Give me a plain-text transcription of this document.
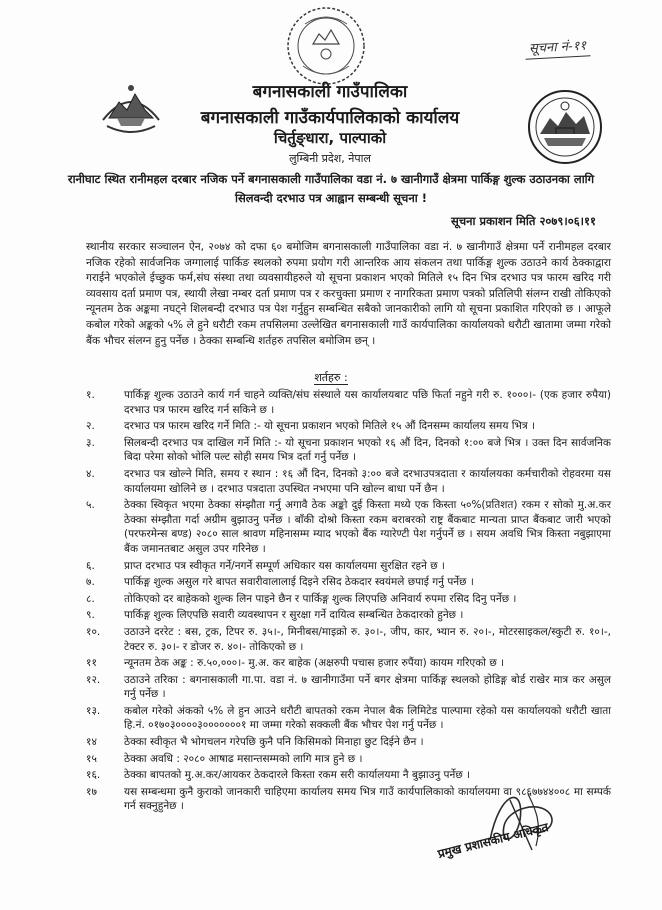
सूचना नं-११
बगनासकाली गाउँपालिका
बगनासकाली गाउँकार्यपालिकाको कार्यालय
चिर्तुङ्धारा, पाल्पाको
लुम्बिनी प्रदेश, नेपाल
रानीघाट स्थित रानीमहल दरबार नजिक पर्ने बगनासकाली गाउँपालिका वडा नं. ७ खानीगाउँ क्षेत्रमा पार्किङ्ग शुल्क उठाउनका लागि सिलवन्दी दरभाउ पत्र आह्वान सम्बन्धी सूचना !
सूचना प्रकाशन मिति २०७९।०६।११
स्थानीय सरकार सञ्चालन ऐन, २०७४ को दफा ६० बमोजिम बगनासकाली गाउँपालिका वडा नं. ७ खानीगाउँ क्षेत्रमा पर्ने रानीमहल दरबार नजिक रहेको सार्वजनिक जग्गालाई पार्किङ स्थलको रुपमा प्रयोग गरी आन्तरिक आय संकलन तथा पार्किङ्ग शुल्क उठाउने कार्य ठेक्काद्वारा गराईने भएकोले ईच्छुक फर्म,संघ संस्था तथा व्यवसायीहरुले यो सूचना प्रकाशन भएको मितिले १५ दिन भित्र दरभाउ पत्र फारम खरिद गरी व्यवसाय दर्ता प्रमाण पत्र, स्थायी लेखा नम्बर दर्ता प्रमाण पत्र र करचुक्ता प्रमाण र नागरिकता प्रमाण पत्रको प्रतिलिपी संलग्न राखी तोकिएको न्यूनतम ठेक अङ्कमा नघट्ने शिलबन्दी दरभाउ पत्र पेश गर्नुहुन सम्बन्धित सबैको जानकारीको लागि यो सूचना प्रकाशित गरिएको छ । आफूले कबोल गरेको अङ्कको ५% ले हुने धरौटी रकम तपसिलमा उल्लेखित बगनासकाली गाउँ कार्यपालिका कार्यालयको धरौटी खातामा जम्मा गरेको बैंक भौचर संलग्न हुनु पर्नेछ । ठेक्का सम्बन्धि शर्तहरु तपसिल बमोजिम छन् ।
शर्तहरु :
१.	पार्किङ्ग शुल्क उठाउने कार्य गर्न चाहने व्यक्ति/संघ संस्थाले यस कार्यालयबाट पछि फिर्ता नहुने गरी रु. १०००।- (एक हजार रुपैया) दरभाउ पत्र फारम खरिद गर्न सकिने छ ।
२.	दरभाउ पत्र फारम खरिद गर्ने मिति :- यो सूचना प्रकाशन भएको मितिले १५ औं दिनसम्म कार्यालय समय भित्र ।
३.	सिलबन्दी दरभाउ पत्र दाखिल गर्ने मिति :- यो सूचना प्रकाशन भएको १६ औं दिन, दिनको १:०० बजे भित्र । उक्त दिन सार्वजनिक बिदा परेमा सोको भोलि पल्ट सोही समय भित्र दर्ता गर्नु पर्नेछ ।
४.	दरभाउ पत्र खोल्ने मिति, समय र स्थान : १६ औं दिन, दिनको ३:०० बजे दरभाउपत्रदाता र कार्यालयका कर्मचारीको रोहवरमा यस कार्यालयमा खोलिने छ । दरभाउ पत्रदाता उपस्थित नभएमा पनि खोल्न बाधा पर्ने छैन ।
५.	ठेक्का स्विकृत भएमा ठेक्का संम्झौता गर्नु अगावै ठेक अङ्को दुई किस्ता मध्ये एक किस्ता ५०%(प्रतिशत) रकम र सोको मु.अ.कर ठेक्का संम्झौता गर्दा अग्रीम बुझाउनु पर्नेछ । बाँकी दोश्रो किस्ता रकम बराबरको राष्ट्र बैंकबाट मान्यता प्राप्त बैंकबाट जारी भएको (परफरमेन्स बण्ड) २०८० साल श्रावण महिनासम्म म्याद भएको बैंक ग्यारेण्टी पेश गर्नुपर्ने छ । सयम अवधि भित्र किस्ता नबुझाएमा बैंक जमानतबाट असुल उपर गरिनेछ ।
६.	प्राप्त दरभाउ पत्र स्वीकृत गर्ने/नगर्ने सम्पूर्ण अधिकार यस कार्यालयमा सुरक्षित रहने छ ।
७.	पार्किङ्ग शुल्क असुल गरे बापत सवारीवालालाई दिइने रसिद ठेकदार स्वयंमले छपाई गर्नु पर्नेछ ।
८.	तोकिएको दर बाहेकको शुल्क लिन पाइने छैन र पार्किङ्ग शुल्क लिएपछि अनिवार्य रुपमा रसिद दिनु पर्नेछ ।
९.	पार्किङ्ग शुल्क लिएपछि सवारी व्यवस्थापन र सुरक्षा गर्ने दायित्व सम्बन्धित ठेकदारको हुनेछ ।
१०.	उठाउने दररेट : बस, ट्रक, टिपर रु. ३५।-, मिनीबस/माइक्रो रु. ३०।-, जीप, कार, भ्यान रु. २०।-, मोटरसाइकल/स्कुटी रु. १०।-, टेक्टर रु. ३०।- र डोजर रु. ४०।- तोकिएको छ ।
११	न्यूनतम ठेक अङ्क : रु.५०,०००।- मु.अ. कर बाहेक (अक्षरुपी पचास हजार रुपैंया) कायम गरिएको छ ।
१२.	उठाउने तरिका : बगनासकाली गा.पा. वडा नं. ७ खानीगाउँमा पर्ने बगर क्षेत्रमा पार्किङ्ग स्थलको होडिङ्ग बोर्ड राखेर मात्र कर असुल गर्नु पर्नेछ ।
१३.	कबोल गरेको अंकको ५% ले हुन आउने धरौटी बापतको रकम नेपाल बैक लिमिटेड पाल्पामा रहेको यस कार्यालयको धरौटी खाता हि.नं. ०१७०३००००३०००००००१ मा जम्मा गरेको सक्कली बैंक भौचर पेश गर्नु पर्नेछ ।
१४	ठेक्का स्वीकृत भै भोगचलन गरेपछि कुनै पनि किसिमको मिनाहा छुट दिईने छैन ।
१५	ठेक्का अवधि : २०८० आषाढ मसान्तसम्मको लागि मात्र हुने छ ।
१६.	ठेक्का बापतको मु.अ.कर/आयकर ठेकदारले किस्ता रकम सरी कार्यालयमा नै बुझाउनु पर्नेछ ।
१७	यस सम्बन्धमा कुनै कुराको जानकारी चाहिएमा कार्यालय समय भित्र गाउँ कार्यपालिकाको कार्यालयमा वा ९८६७७४४००८ मा सम्पर्क गर्न सक्नुहुनेछ ।
प्रमुख प्रशासकीय अधिकृत
